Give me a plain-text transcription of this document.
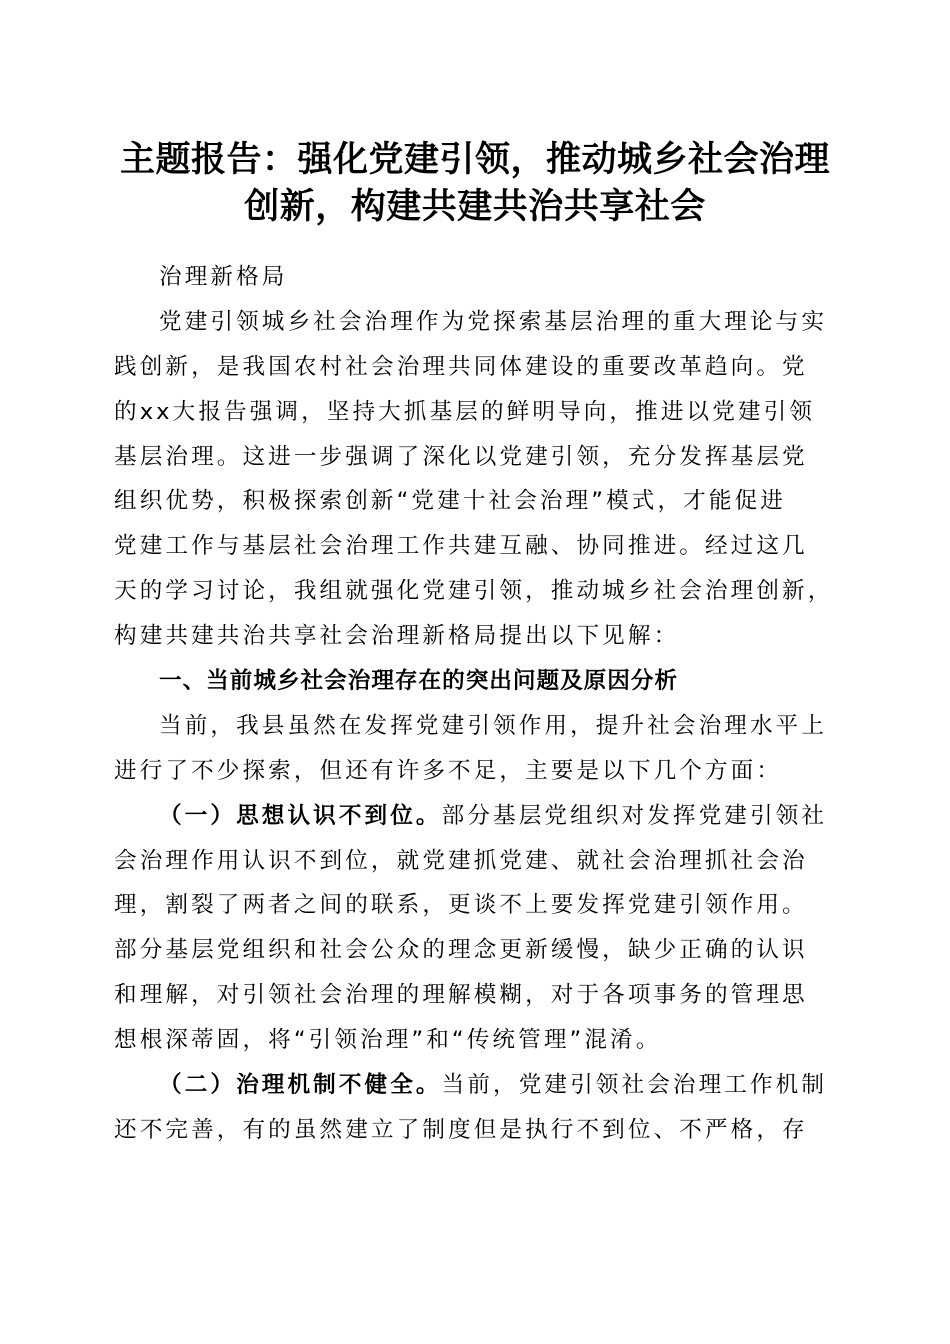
主题报告：强化党建引领，推动城乡社会治理
创新，构建共建共治共享社会
治理新格局
党建引领城乡社会治理作为党探索基层治理的重大理论与实
践创新，是我国农村社会治理共同体建设的重要改革趋向。党
的xx大报告强调，坚持大抓基层的鲜明导向，推进以党建引领
基层治理。这进一步强调了深化以党建引领，充分发挥基层党
组织优势，积极探索创新“党建十社会治理”模式，才能促进
党建工作与基层社会治理工作共建互融、协同推进。经过这几
天的学习讨论，我组就强化党建引领，推动城乡社会治理创新，
构建共建共治共享社会治理新格局提出以下见解：
一、当前城乡社会治理存在的突出问题及原因分析
当前，我县虽然在发挥党建引领作用，提升社会治理水平上
进行了不少探索，但还有许多不足，主要是以下几个方面：
（一）思想认识不到位。部分基层党组织对发挥党建引领社
会治理作用认识不到位，就党建抓党建、就社会治理抓社会治
理，割裂了两者之间的联系，更谈不上要发挥党建引领作用。
部分基层党组织和社会公众的理念更新缓慢，缺少正确的认识
和理解，对引领社会治理的理解模糊，对于各项事务的管理思
想根深蒂固，将“引领治理”和“传统管理”混淆。
（二）治理机制不健全。当前，党建引领社会治理工作机制
还不完善，有的虽然建立了制度但是执行不到位、不严格，存
